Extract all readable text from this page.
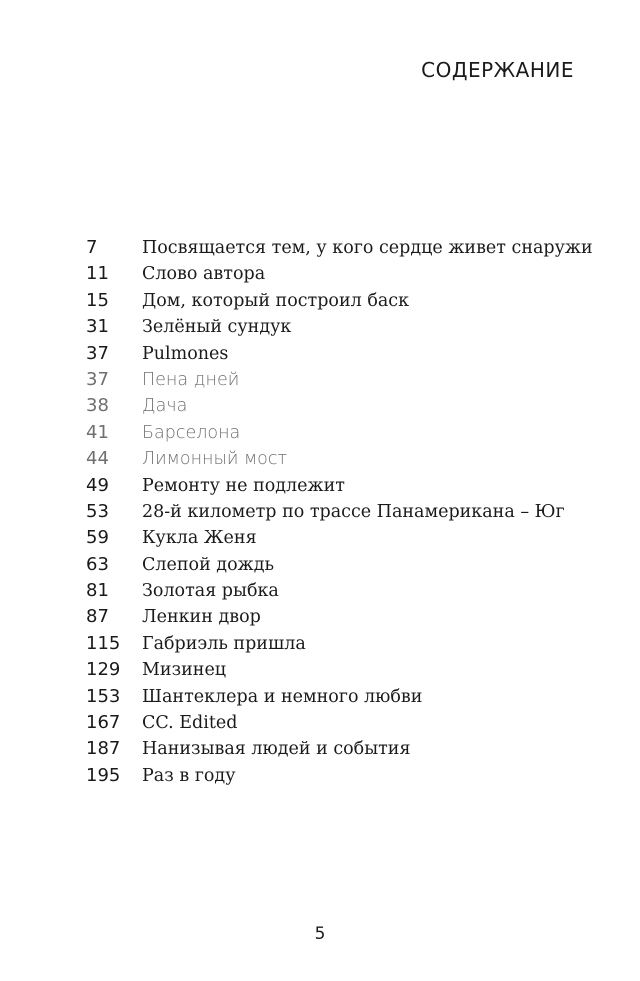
СОДЕРЖАНИЕ
7	Посвящается тем, у кого сердце живет снаружи
11	Слово автора
15	Дом, который построил баск
31	Зелёный сундук
37	Pulmones
37	Пена дней
38	Дача
41	Барселона
44	Лимонный мост
49	Ремонту не подлежит
53	28-й километр по трассе Панамерикана – Юг
59	Кукла Женя
63	Слепой дождь
81	Золотая рыбка
87	Ленкин двор
115	Габриэль пришла
129	Мизинец
153	Шантеклера и немного любви
167	CC. Edited
187	Нанизывая людей и события
195	Раз в году
5
